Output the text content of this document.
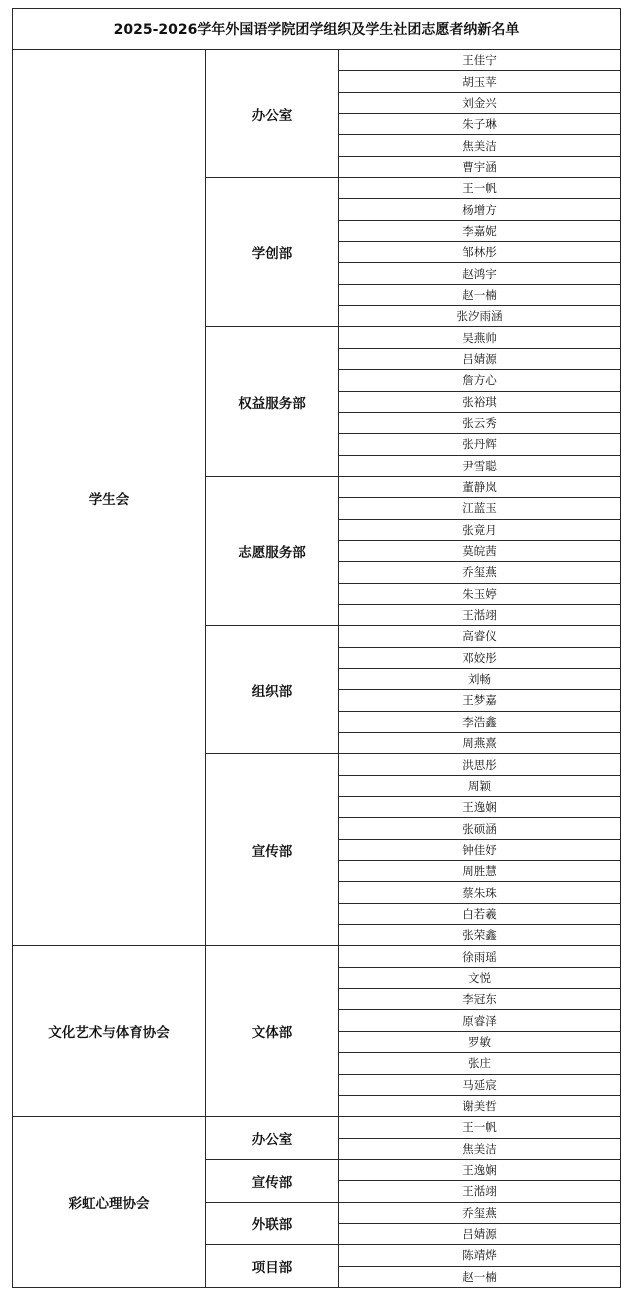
2025-2026学年外国语学院团学组织及学生社团志愿者纳新名单		
学生会	办公室	王佳宁
		胡玉苹
		刘金兴
		朱子琳
		焦美洁
		曹宇涵
	学创部	王一帆
		杨增方
		李嘉妮
		邹林彤
		赵鸿宇
		赵一楠
		张汐雨涵
	权益服务部	吴燕帅
		吕婧源
		詹方心
		张裕琪
		张云秀
		张丹辉
		尹雪聪
	志愿服务部	董静岚
		江蓝玉
		张竟月
		莫皖茜
		乔玺燕
		朱玉婷
		王湉翊
	组织部	高睿仪
		邓姣彤
		刘畅
		王梦嘉
		李浩鑫
		周燕熹
	宣传部	洪思彤
		周颖
		王逸娴
		张硕涵
		钟佳妤
		周胜慧
		蔡朱珠
		白若羲
		张荣鑫
文化艺术与体育协会	文体部	徐雨瑶
		文悦
		李冠东
		原睿泽
		罗敏
		张庄
		马延宸
		谢美哲
彩虹心理协会	办公室	王一帆
		焦美洁
	宣传部	王逸娴
		王湉翊
	外联部	乔玺燕
		吕婧源
	项目部	陈靖烨
		赵一楠
